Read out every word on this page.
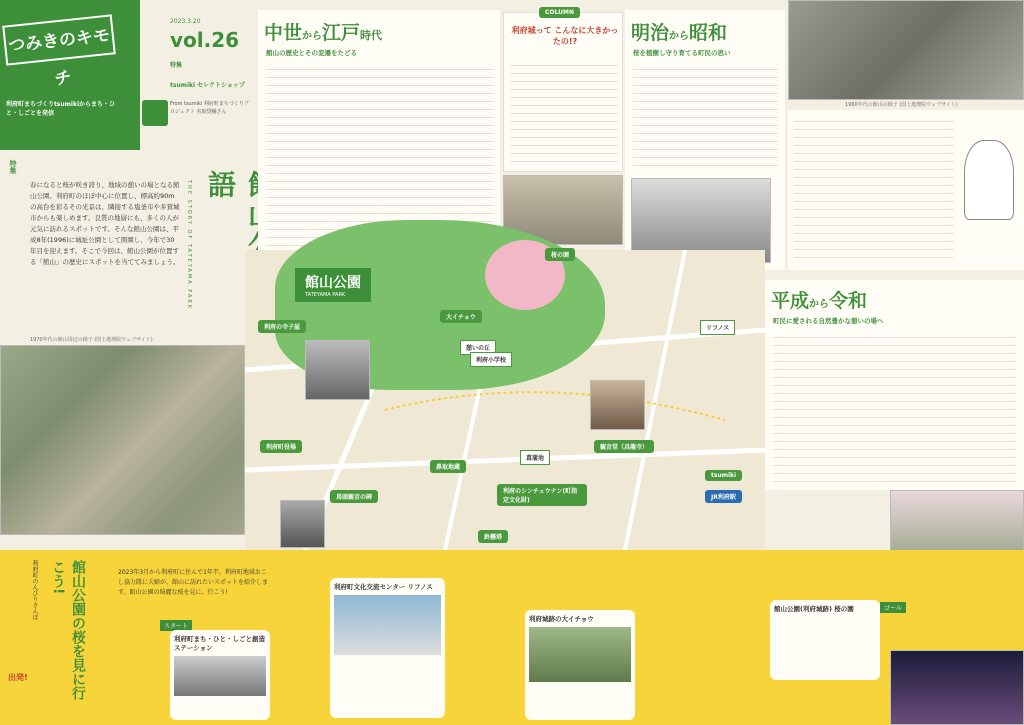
つみきのキモチ
利府町まちづくりtsumikiからまち・ひと・しごとを発信
2023.3.20
vol.26
特集
tsumiki セレクトショップ
From tsumiki 利府町まちづくりプロジェクト 名取奨輔さん
春になると桜が咲き誇り、地域の憩いの場となる館山公園。利府町のほぼ中心に位置し、標高約90mの高台を彩るその光景は、隣接する塩釜市や多賀城市からも楽しめます。良質の地層にも、多くの人が元気に訪れるスポットです。そんな館山公園は、平成8年(1996)に城址公園として開園し、今年で30年目を迎えます。そこで今回は、館山公園が位置する「館山」の歴史にスポットを当ててみましょう。
語
THE STORY OF TATEYAMA PARK
特集
1970年代の館山周辺の様子 (国土地理院ウェブサイト)
中世から江戸時代
館山の歴史とその変遷をたどる
COLUMN
利府城って こんなに大きかったの!?	明治から昭和
桜を植樹し守り育てる町民の思い
1960年代の館山の様子 (国土地理院ウェブサイト)
館山公園
TATEYAMA PARK
大イチョウ
憩いの丘
桜の園
利府小学校
利府の寺子屋
利府町役場
馬頭観音の碑
鼻取地蔵
菖蒲池
観音堂（具龍寺）
利府のシンチュウナン(町指定文化財)
リフノス
鈴懸塔
tsumiki
JR利府駅
平成から令和
町民に愛される自然豊かな憩いの場へ
館山公園の桜を見に行こう!
利府町のんびりさんぽ	2023年3月から利府町に住んで1年半。利府町地域おこし協力隊に夫婦が、館山に訪れたいスポットを紹介します。館山公園の綺麗な桜を見に、行こう!
出発!
スタート
利府町まち・ひと・しごと創造ステーション
利府町文化交流センター リフノス
利府城跡の大イチョウ
館山公園(利府城跡) 桜の園	ゴール
